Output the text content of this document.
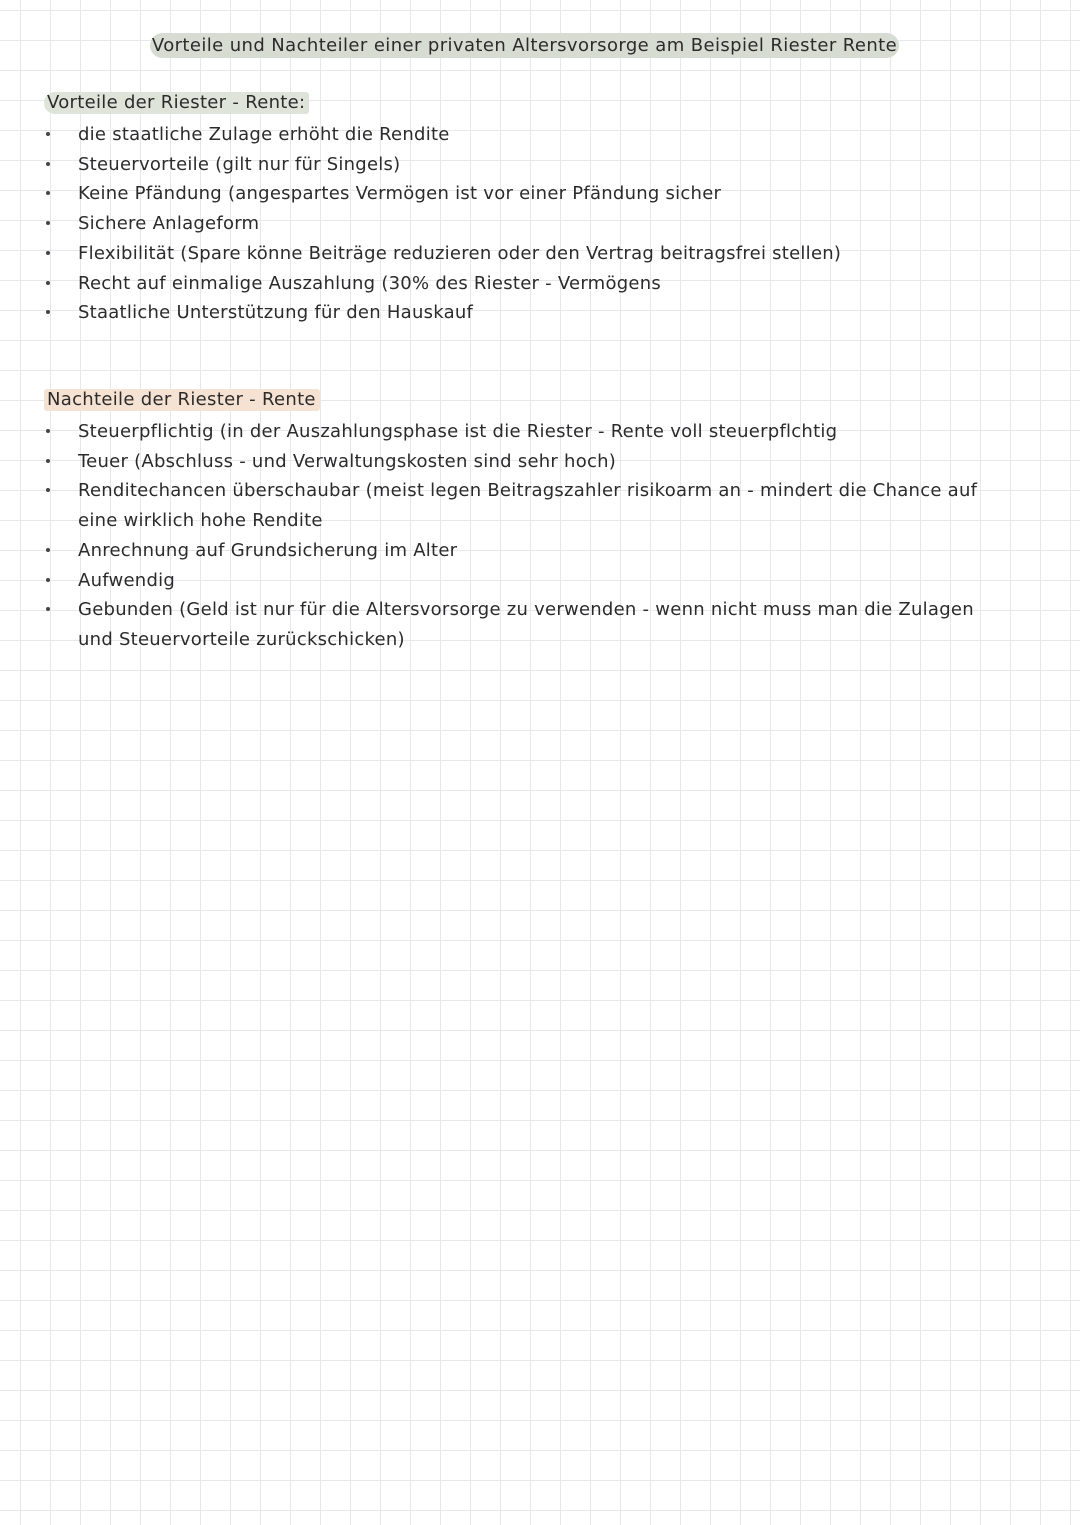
Vorteile und Nachteiler einer privaten Altersvorsorge am Beispiel Riester Rente
Vorteile der Riester - Rente:
die staatliche Zulage erhöht die Rendite
Steuervorteile (gilt nur für Singels)
Keine Pfändung (angespartes Vermögen ist vor einer Pfändung sicher
Sichere Anlageform
Flexibilität (Spare könne Beiträge reduzieren oder den Vertrag beitragsfrei stellen)
Recht auf einmalige Auszahlung (30% des Riester - Vermögens
Staatliche Unterstützung für den Hauskauf
Nachteile der Riester - Rente
Steuerpflichtig (in der Auszahlungsphase ist die Riester - Rente voll steuerpflchtig
Teuer (Abschluss - und Verwaltungskosten sind sehr hoch)
Renditechancen überschaubar (meist legen Beitragszahler risikoarm an - mindert die Chance auf eine wirklich hohe Rendite
Anrechnung auf Grundsicherung im Alter
Aufwendig
Gebunden (Geld ist nur für die Altersvorsorge zu verwenden - wenn nicht muss man die Zulagen und Steuervorteile zurückschicken)
